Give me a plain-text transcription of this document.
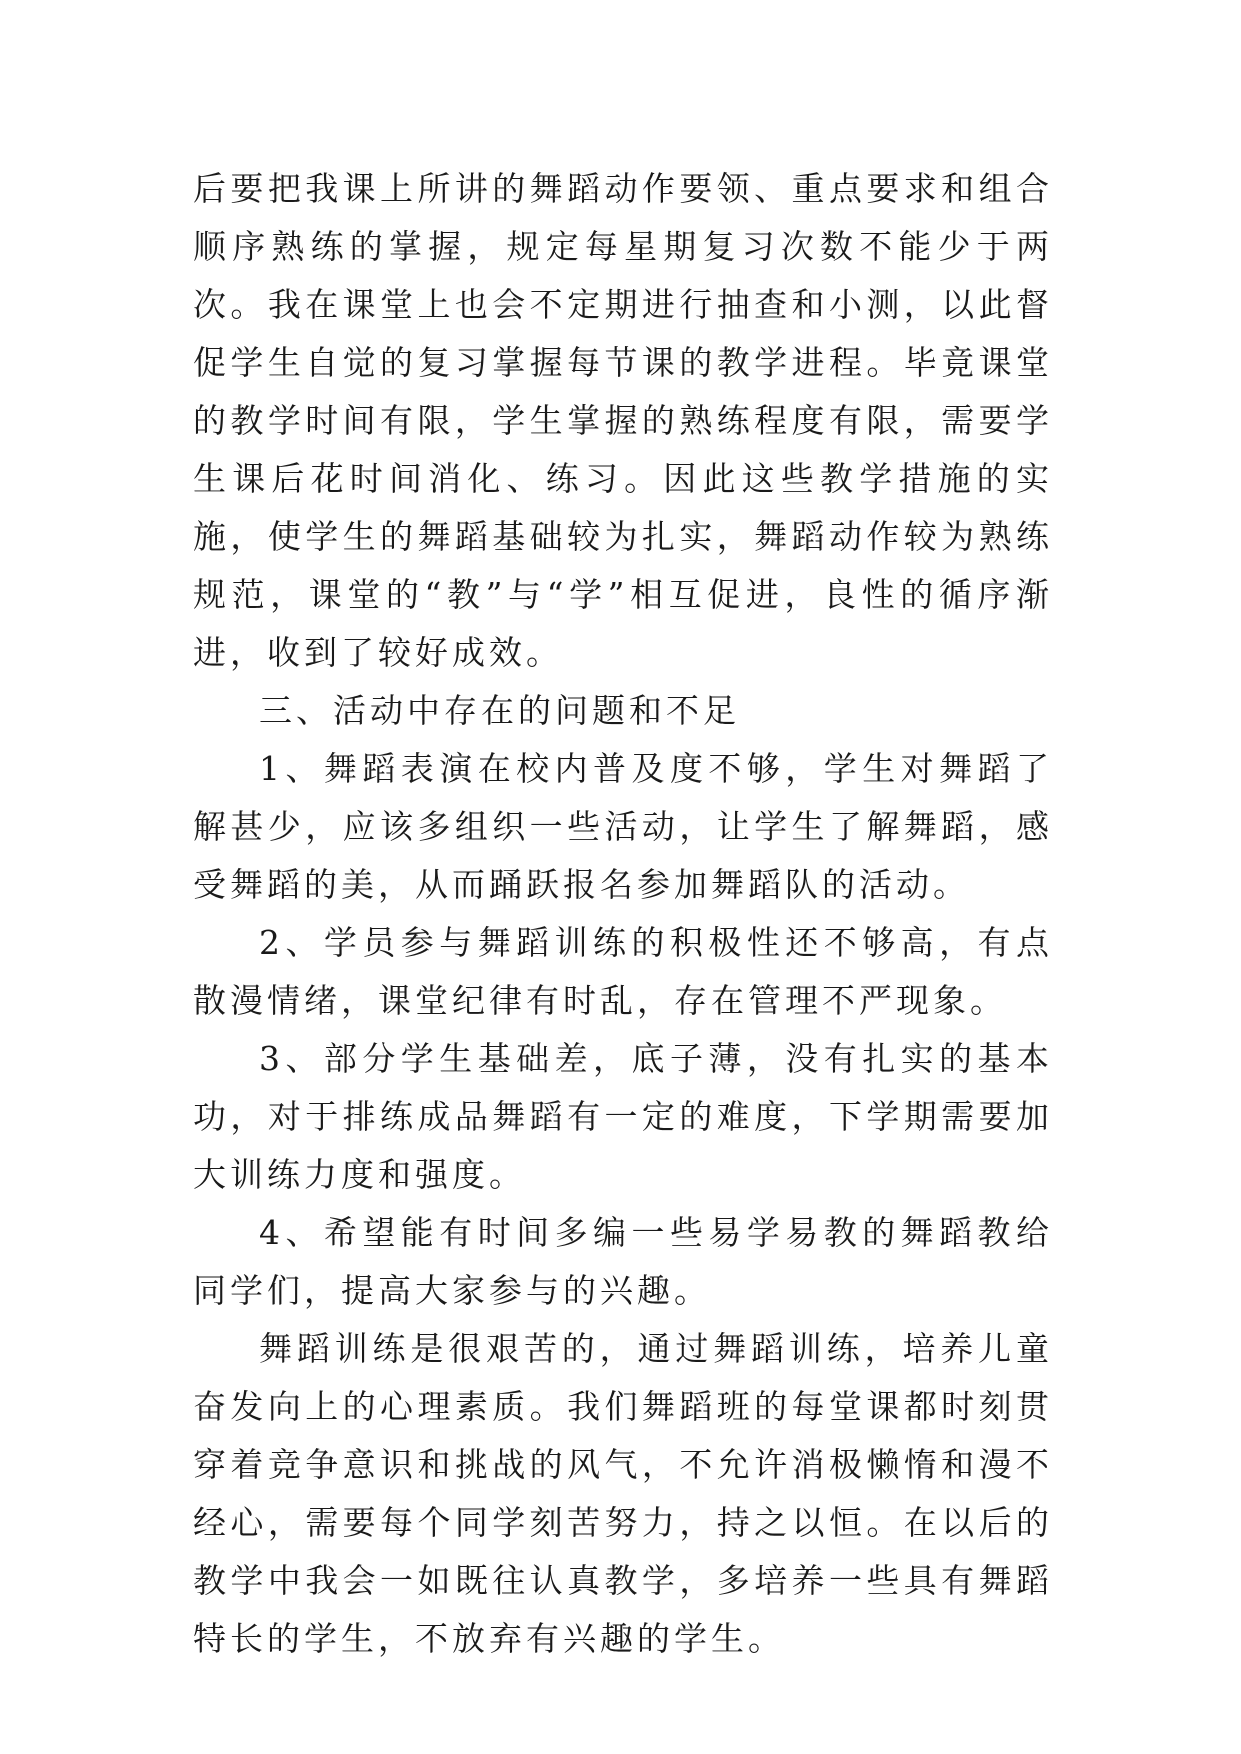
后要把我课上所讲的舞蹈动作要领、重点要求和组合顺序熟练的掌握，规定每星期复习次数不能少于两次。我在课堂上也会不定期进行抽查和小测，以此督促学生自觉的复习掌握每节课的教学进程。毕竟课堂的教学时间有限，学生掌握的熟练程度有限，需要学生课后花时间消化、练习。因此这些教学措施的实施，使学生的舞蹈基础较为扎实，舞蹈动作较为熟练规范，课堂的“教”与“学”相互促进，良性的循序渐进，收到了较好成效。

三、活动中存在的问题和不足

1、舞蹈表演在校内普及度不够，学生对舞蹈了解甚少，应该多组织一些活动，让学生了解舞蹈，感受舞蹈的美，从而踊跃报名参加舞蹈队的活动。

2、学员参与舞蹈训练的积极性还不够高，有点散漫情绪，课堂纪律有时乱，存在管理不严现象。

3、部分学生基础差，底子薄，没有扎实的基本功，对于排练成品舞蹈有一定的难度，下学期需要加大训练力度和强度。

4、希望能有时间多编一些易学易教的舞蹈教给同学们，提高大家参与的兴趣。

舞蹈训练是很艰苦的，通过舞蹈训练，培养儿童奋发向上的心理素质。我们舞蹈班的每堂课都时刻贯穿着竞争意识和挑战的风气，不允许消极懒惰和漫不经心，需要每个同学刻苦努力，持之以恒。在以后的教学中我会一如既往认真教学，多培养一些具有舞蹈特长的学生，不放弃有兴趣的学生。
